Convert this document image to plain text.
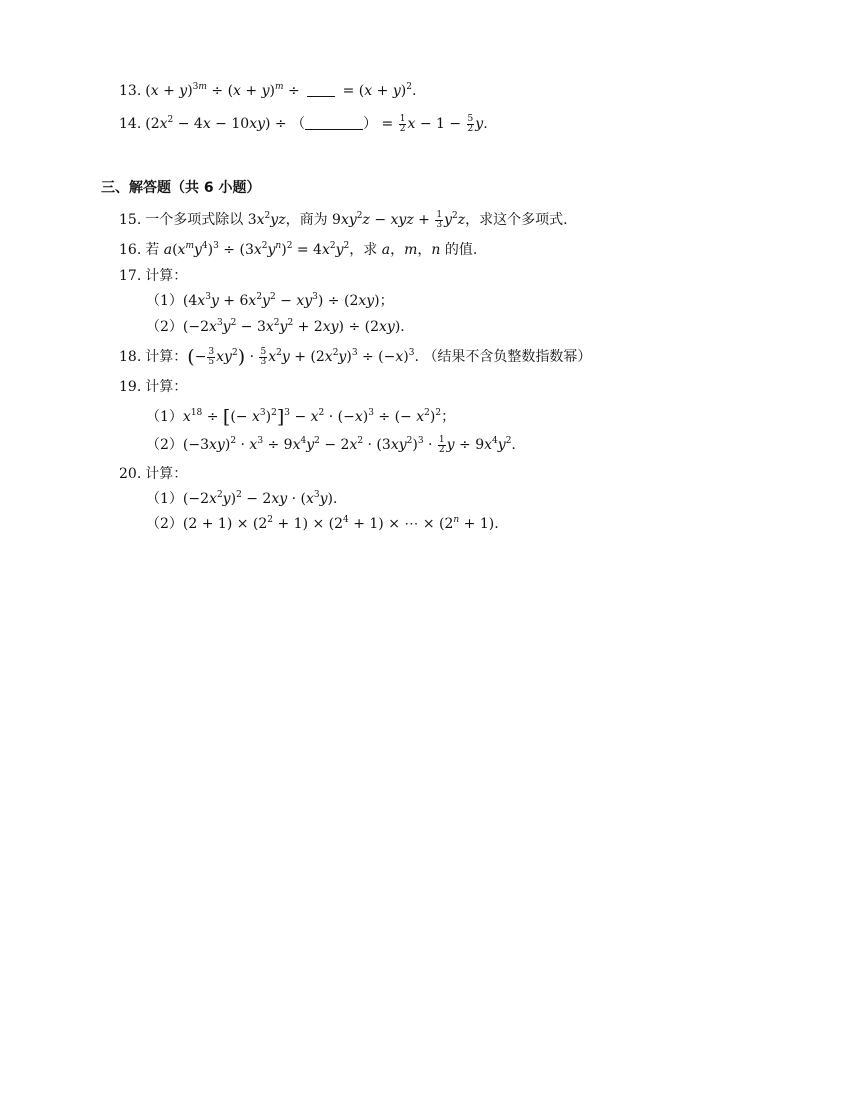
13. $(x + y)^{3m} \div (x + y)^m$ ÷  = $(x + y)^2$.
14. $(2x^2 - 4x - 10xy)$ ÷ （	） = $\frac{1}{2}$ $x - 1 - \frac{5}{2} y$.
三、解答题（共 6 小题）
15. 一个多项式除以 $3x^2yz$，商为 $9xy^2z$ − xyz + $\frac{1}{3} y^2z$，求这个多项式.
16. 若 $a(x^my^4)^3 \div (3x^2y^n)^2 = 4x^2y^2$，求 a，m，n 的值.
17. 计算：
$(1)(4x^3y + 6x^2y^2 - xy^3) \div (2xy)$；
$(2)(-2x^3y^2 - 3x^2y^2 + 2xy) \div (2xy)$.
18. 计算：(− $\frac{3}{5} xy^2) \cdot \frac{5}{3} x^2y + (2x^2y)^3 \div (-x)^3$. （结果不含负整数指数幂）
19. 计算：
$(1)x^{18}$ ÷ [(− $x^3)^2]^3 - x^2 \cdot (-x)^3$ ÷ (− $x^2)^2$；
$(2)(-3xy)^2 \cdot x^3 \div 9x^4y^2 - 2x^2 \cdot (3xy^2)^3 \cdot \frac{1}{2}$ $y \div 9x^4y^2$.
20. 计算：
$(1)(-2x^2y)^2 - 2xy \cdot (x^3y)$.
$(2)(2 + 1) \times (2^2 + 1) \times (2^4 + 1)$ × ⋯ × $(2^n + 1)$.
